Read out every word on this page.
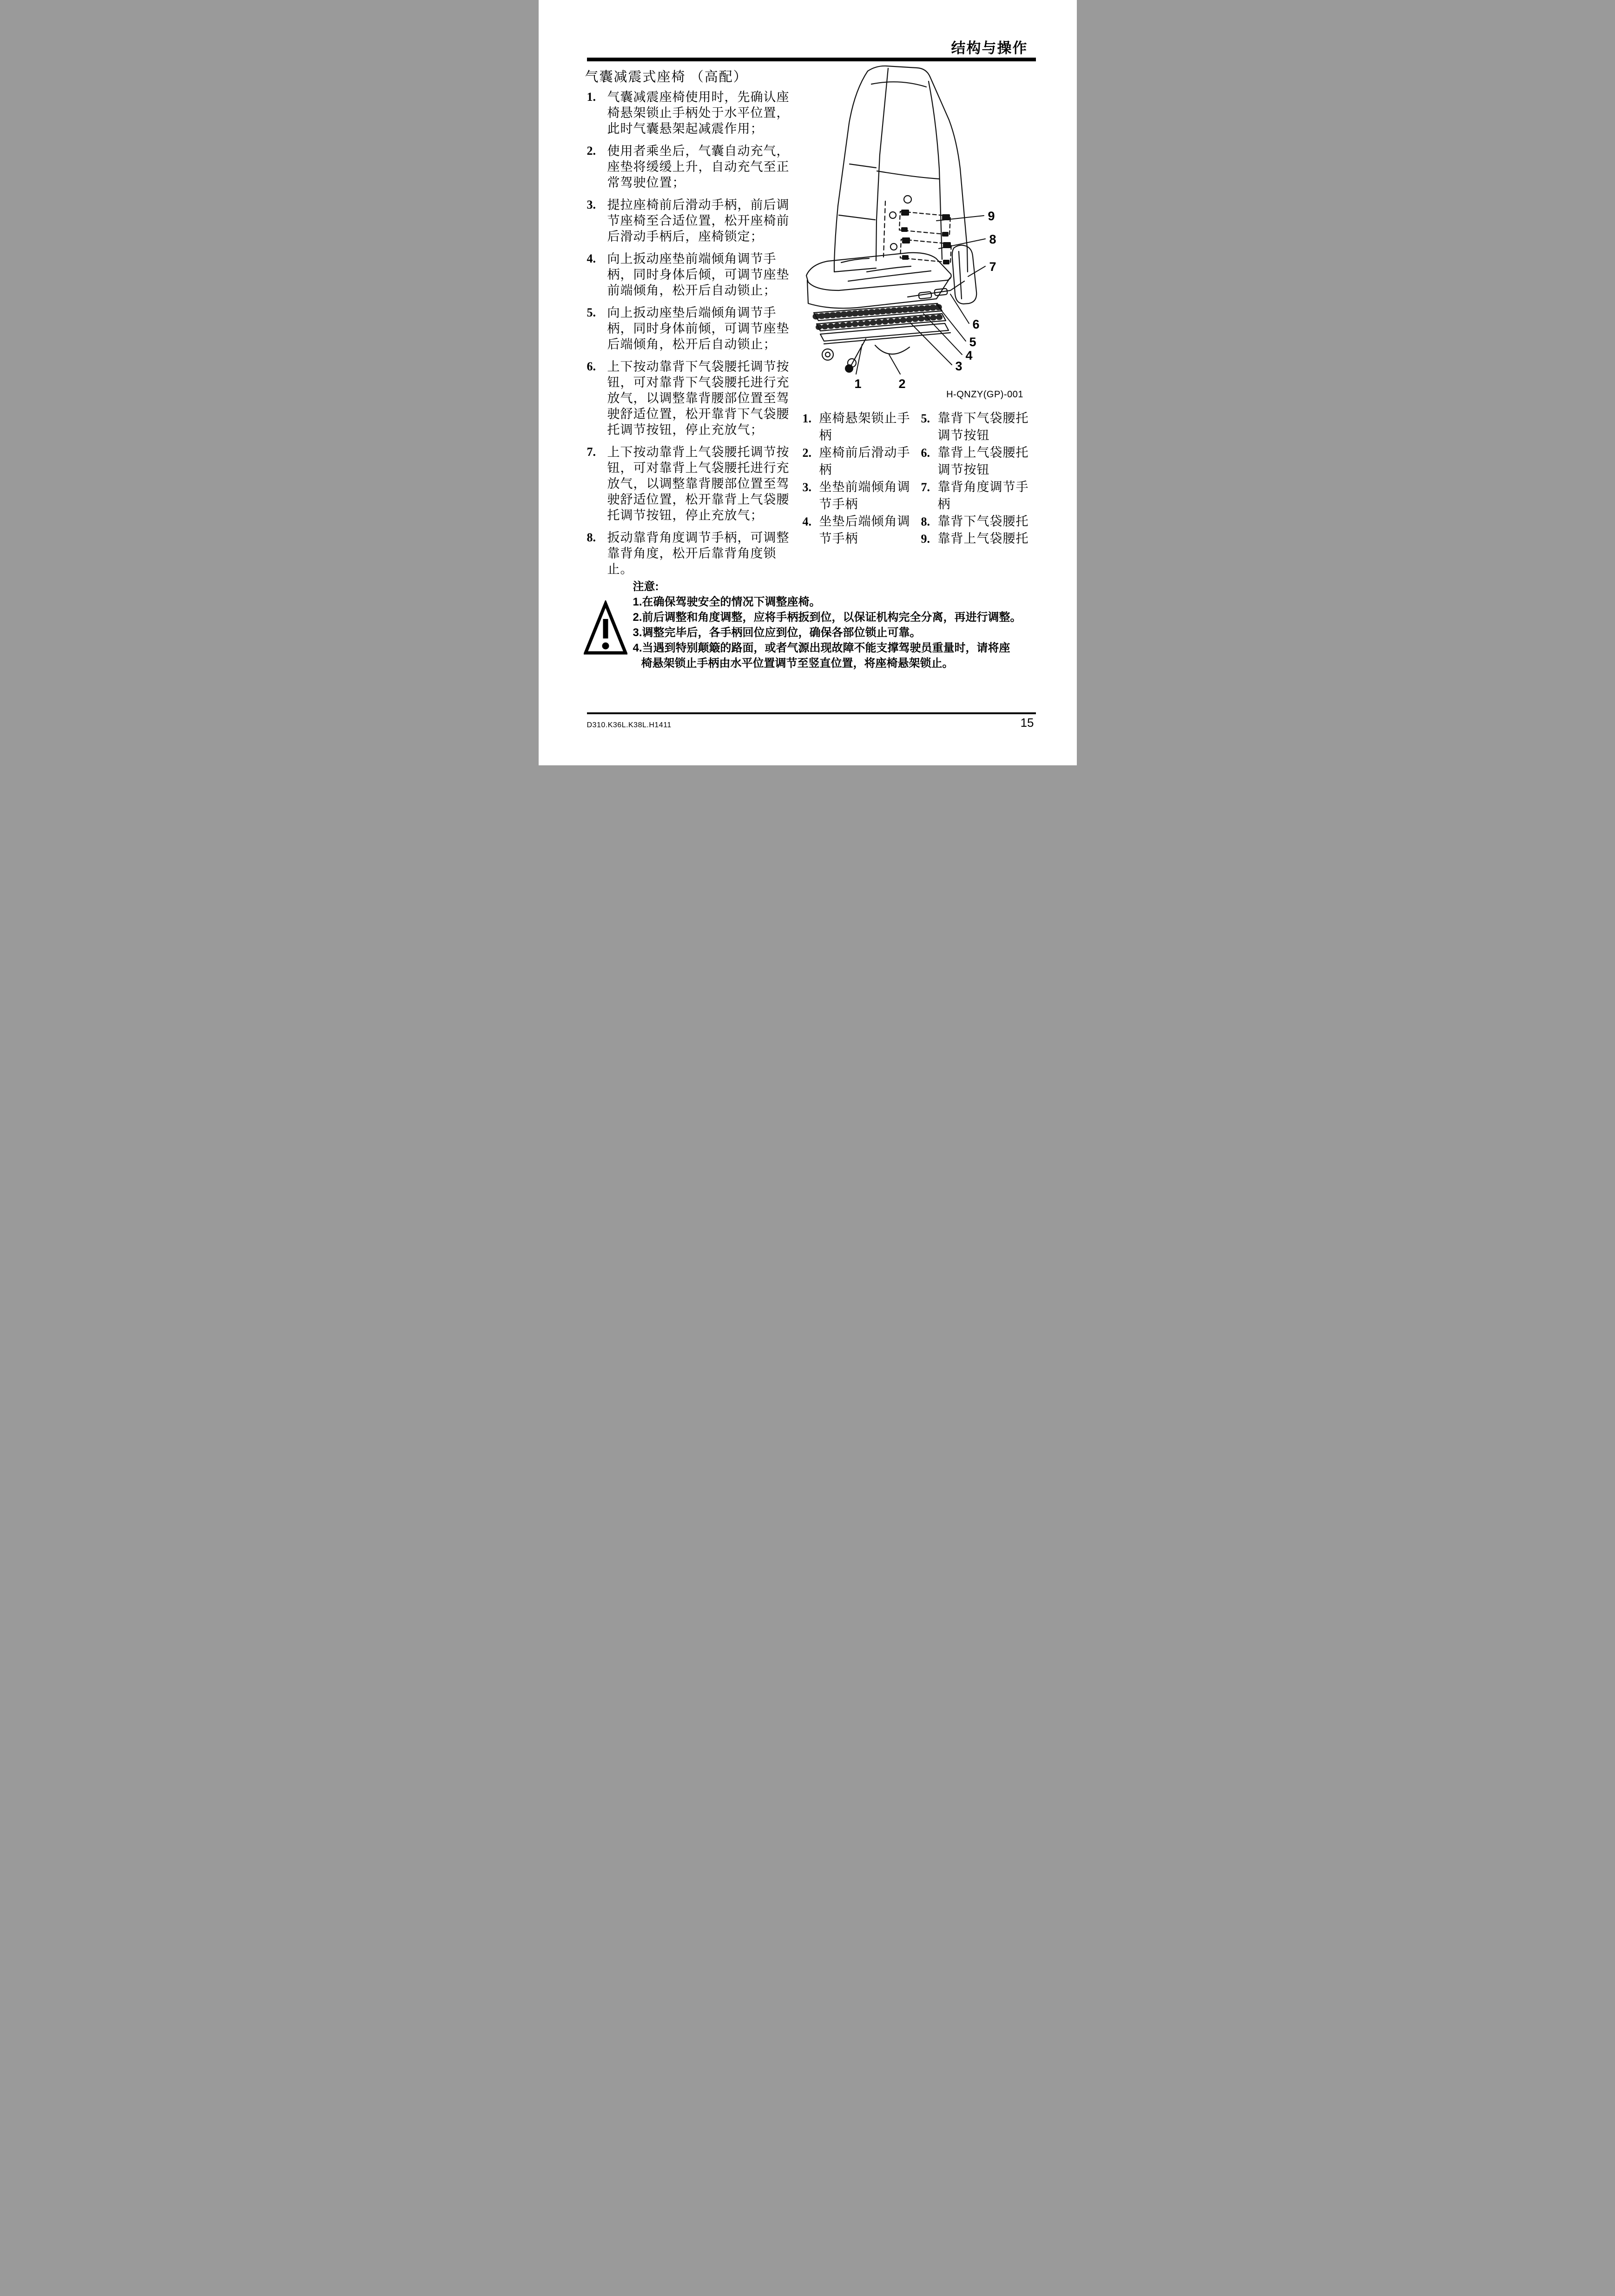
结构与操作
气囊减震式座椅 （高配）
1. 气囊减震座椅使用时，先确认座
椅悬架锁止手柄处于水平位置，
此时气囊悬架起减震作用；
2. 使用者乘坐后，气囊自动充气，
座垫将缓缓上升，自动充气至正
常驾驶位置；
3. 提拉座椅前后滑动手柄，前后调
节座椅至合适位置，松开座椅前
后滑动手柄后，座椅锁定；
4. 向上扳动座垫前端倾角调节手
柄，同时身体后倾，可调节座垫
前端倾角，松开后自动锁止；
5. 向上扳动座垫后端倾角调节手
柄，同时身体前倾，可调节座垫
后端倾角，松开后自动锁止；
6. 上下按动靠背下气袋腰托调节按
钮，可对靠背下气袋腰托进行充
放气，以调整靠背腰部位置至驾
驶舒适位置，松开靠背下气袋腰
托调节按钮，停止充放气；
7. 上下按动靠背上气袋腰托调节按
钮，可对靠背上气袋腰托进行充
放气，以调整靠背腰部位置至驾
驶舒适位置，松开靠背上气袋腰
托调节按钮，停止充放气；
8. 扳动靠背角度调节手柄，可调整
靠背角度，松开后靠背角度锁
止。
9
8
7
6
5
4
3
2
1
H-QNZY(GP)-001
1. 座椅悬架锁止手
柄
2. 座椅前后滑动手
柄
3. 坐垫前端倾角调
节手柄
4. 坐垫后端倾角调
节手柄
5. 靠背下气袋腰托
调节按钮
6. 靠背上气袋腰托
调节按钮
7. 靠背角度调节手
柄
8. 靠背下气袋腰托
9. 靠背上气袋腰托
注意:
1.在确保驾驶安全的情况下调整座椅。
2.前后调整和角度调整，应将手柄扳到位，以保证机构完全分离，再进行调整。
3.调整完毕后，各手柄回位应到位，确保各部位锁止可靠。
4.当遇到特别颠簸的路面，或者气源出现故障不能支撑驾驶员重量时，请将座
椅悬架锁止手柄由水平位置调节至竖直位置，将座椅悬架锁止。
D310.K36L.K38L.H1411	15
